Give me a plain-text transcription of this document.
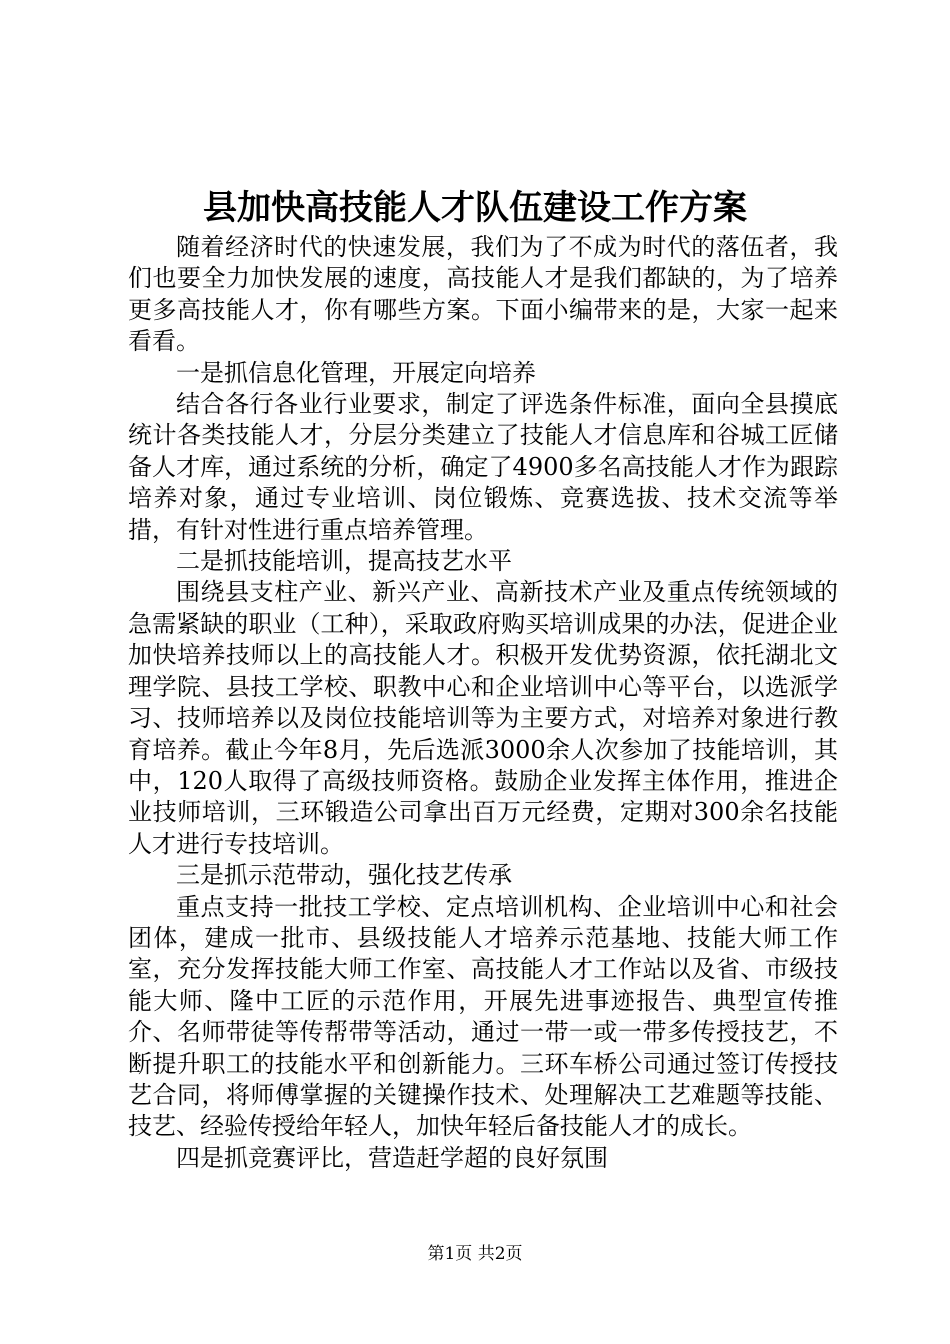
县加快高技能人才队伍建设工作方案

随着经济时代的快速发展，我们为了不成为时代的落伍者，我们也要全力加快发展的速度，高技能人才是我们都缺的，为了培养更多高技能人才，你有哪些方案。下面小编带来的是，大家一起来看看。

一是抓信息化管理，开展定向培养

结合各行各业行业要求，制定了评选条件标准，面向全县摸底统计各类技能人才，分层分类建立了技能人才信息库和谷城工匠储备人才库，通过系统的分析，确定了4900多名高技能人才作为跟踪培养对象，通过专业培训、岗位锻炼、竞赛选拔、技术交流等举措，有针对性进行重点培养管理。

二是抓技能培训，提高技艺水平

围绕县支柱产业、新兴产业、高新技术产业及重点传统领域的急需紧缺的职业（工种），采取政府购买培训成果的办法，促进企业加快培养技师以上的高技能人才。积极开发优势资源，依托湖北文理学院、县技工学校、职教中心和企业培训中心等平台，以选派学习、技师培养以及岗位技能培训等为主要方式，对培养对象进行教育培养。截止今年8月，先后选派3000余人次参加了技能培训，其中，120人取得了高级技师资格。鼓励企业发挥主体作用，推进企业技师培训，三环锻造公司拿出百万元经费，定期对300余名技能人才进行专技培训。

三是抓示范带动，强化技艺传承

重点支持一批技工学校、定点培训机构、企业培训中心和社会团体，建成一批市、县级技能人才培养示范基地、技能大师工作室，充分发挥技能大师工作室、高技能人才工作站以及省、市级技能大师、隆中工匠的示范作用，开展先进事迹报告、典型宣传推介、名师带徒等传帮带等活动，通过一带一或一带多传授技艺，不断提升职工的技能水平和创新能力。三环车桥公司通过签订传授技艺合同，将师傅掌握的关键操作技术、处理解决工艺难题等技能、技艺、经验传授给年轻人，加快年轻后备技能人才的成长。

四是抓竞赛评比，营造赶学超的良好氛围

第1页 共2页
